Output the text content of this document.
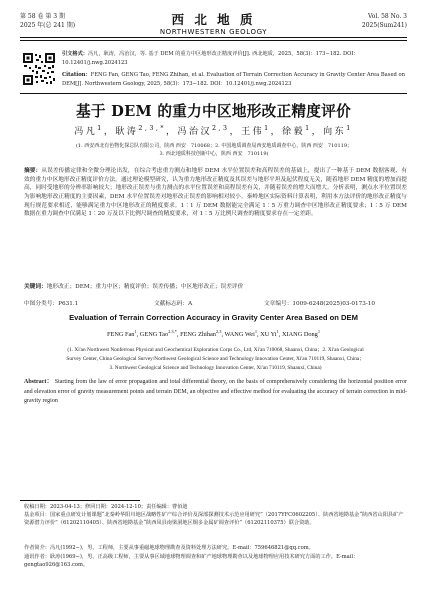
第 58 卷 第 3 期
2025 年(总 241 期)	西 北 地 质
NORTHWESTERN GEOLOGY
Vol. 58 No. 3
2025(Sum241)
引文格式：冯凡，耿涛，冯治汉，等. 基于 DEM 的重力中区地形改正精度评价[J]. 西北地质，2025，58(3)：173−182. DOI：10.12401/j.nwg.2024123
Citation：FENG Fan, GENG Tao, FENG Zhihan, et al. Evaluation of Terrain Correction Accuracy in Gravity Center Area Based on DEM[J]. Northwestern Geology, 2025, 58(3)：173−182. DOI：10.12401/j.nwg.2024123
基于 DEM 的重力中区地形改正精度评价
冯凡$^1$，耿涛$^{2,3,*}$，冯治汉$^{2,3}$，王伟$^1$，徐毅$^1$，向东$^1$
(1. 西安西北有色物化探总队有限公司，陕西 西安　710068；2. 中国地质调查局西安地质调查中心，陕西 西安　710119；
3. 西北地质科技创新中心，陕西 西安　710119)
摘要：从误差传播定律和全微分理论出发，在综合考虑重力测点和地形 DEM 水平位置误差和高程误差的基础上，提出了一种基于 DEM 数据客观、有效的重力中区地形改正精度评价方法。通过理论模型研究，认为重力地形改正精度及其误差与地形平坦及起伏程度无关，随着地形 DEM 精度的增加而提高，同时受地形的分辨率影响较大；地形改正误差与重力测点的水平位置误差和高程误差有关，并随着误差的增大而增大。分析表明，测点水平位置误差为影响地形改正精度的主要因素，DEM 水平位置误差对地形改正误差的影响相对较小。秦岭地区实际资料计算表明，利用本方法评价的地形改正精度与现行规范要求相近，能够满足重力中区地形改正的精度要求。1∶1 万 DEM 数据能完全满足 1∶5 万重力调查中区地形改正精度要求；1∶5 万 DEM 数据在重力调查中仅满足 1∶20 万及以下比例尺调查的精度要求，对 1∶5 万比例尺调查的精度要求存在一定差距。
关键词：地形改正；DEM；重力中区；精度评价；误差传播；中区地形改正；误差评价
中图分类号：P631.1	文献标志码：A	文章编号：1009-6248(2025)03-0173-10
Evaluation of Terrain Correction Accuracy in Gravity Center Area Based on DEM
FENG Fan$^1$, GENG Tao$^{2,3,*}$, FENG Zhihan$^{2,3}$, WANG Wei$^1$, XU Yi$^1$, XIANG Dong$^1$
(1. Xi'an Northwest Nonferrous Physical and Geochemical Exploration Corps Co., Ltd, Xi'an 710068, Shaanxi, China；2. Xi'an Geological
Survey Center, China Geological Survey/Northwest Geological Science and Technology Innovation Center, Xi'an 710119, Shaanxi, China；
3. Northwest Geological Science and Technology Innovation Center, Xi'an 710119, Shaanxi, China)
Abstract： Starting from the law of error propagation and total differential theory, on the basis of comprehensively considering the horizontal position error and elevation error of gravity measurement points and terrain DEM, an objective and effective method for evaluating the accuracy of terrain correction in mid-gravity region
收稿日期：2023-04-13；修回日期：2024-12-10；责任编辑：曹佰迪
基金项目：国家重点研发计划课题“北秦岭华阳川地区战略性矿产综合评价及深部探测技术示范应用研究”（2017YFC0602205）、陕西省地勘基金“陕西省山阳县矿产资源潜力评价”（61202110405）、陕西省地勘基金“陕西凤县南梁洞地区铜多金属矿调查评价”（61202110375）联合资助。
作者简介：冯凡(1992−)，男，工程师，主要从事重磁地球物理勘查及资料处理方法研究。E-mail：759646821@qq.com。
通讯作者：耿涛(1969−)，男，正高级工程师，主要从事区域地球物理调查和矿产地球物理勘查以及地球物理应用技术研究方面的工作。E-mail：gengtao926@163.com。
